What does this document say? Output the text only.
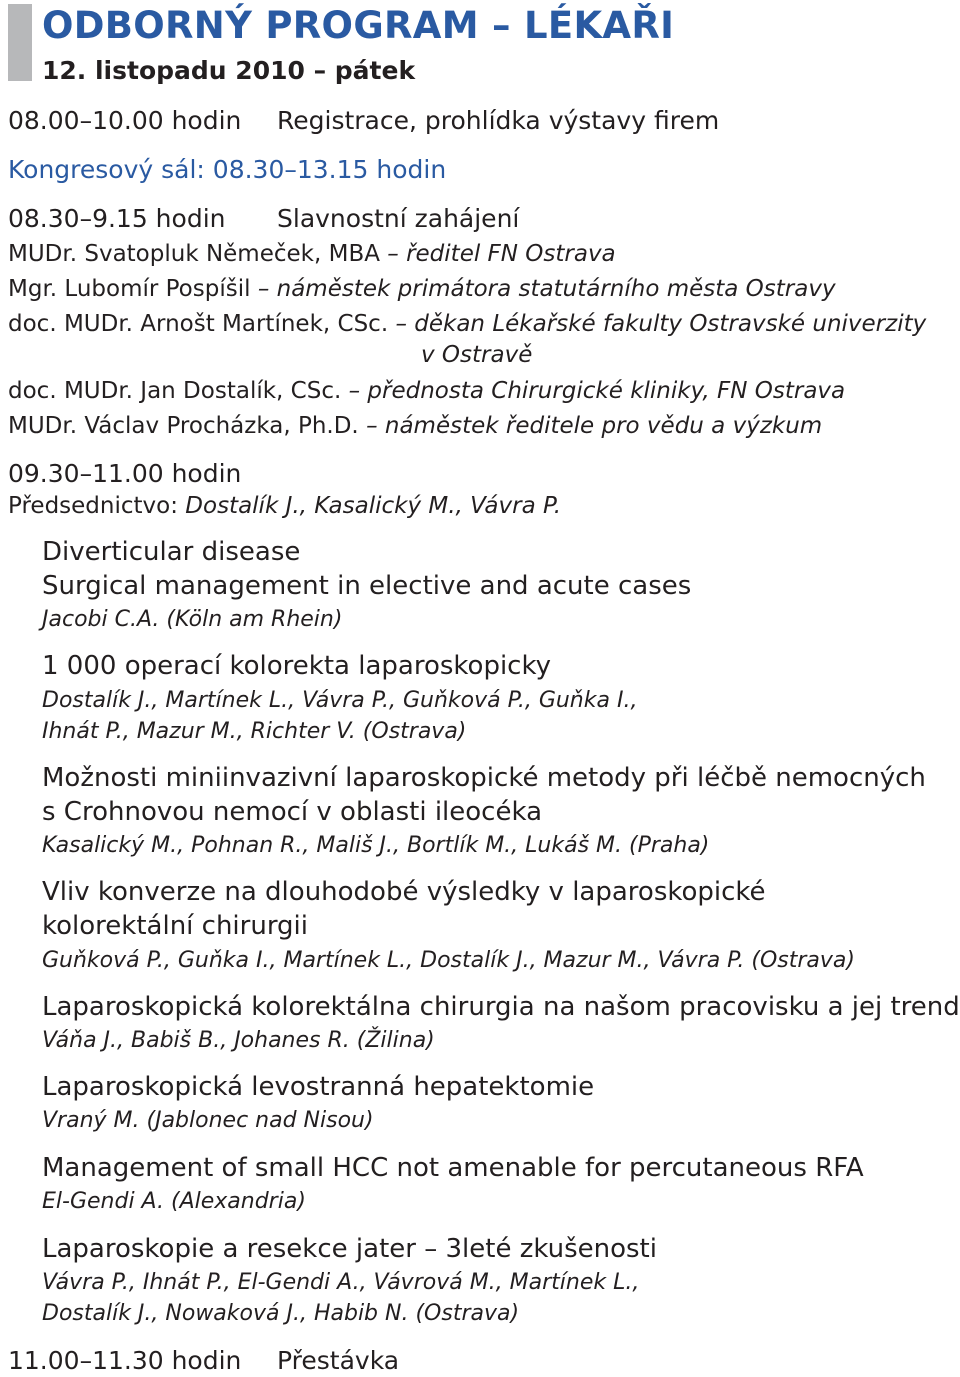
ODBORNÝ PROGRAM – LÉKAŘI
12. listopadu 2010 – pátek
08.00–10.00 hodin Registrace, prohlídka výstavy firem
Kongresový sál: 08.30–13.15 hodin
08.30–9.15 hodin Slavnostní zahájení
MUDr. Svatopluk Němeček, MBA – ředitel FN Ostrava
Mgr. Lubomír Pospíšil – náměstek primátora statutárního města Ostravy
doc. MUDr. Arnošt Martínek, CSc. – děkan Lékařské fakulty Ostravské univerzity
v Ostravě
doc. MUDr. Jan Dostalík, CSc. – přednosta Chirurgické kliniky, FN Ostrava
MUDr. Václav Procházka, Ph.D. – náměstek ředitele pro vědu a výzkum
09.30–11.00 hodin
Předsednictvo: Dostalík J., Kasalický M., Vávra P.
Diverticular disease
Surgical management in elective and acute cases
Jacobi C.A. (Köln am Rhein)
1 000 operací kolorekta laparoskopicky
Dostalík J., Martínek L., Vávra P., Guňková P., Guňka I.,
Ihnát P., Mazur M., Richter V. (Ostrava)
Možnosti miniinvazivní laparoskopické metody při léčbě nemocných
s Crohnovou nemocí v oblasti ileocéka
Kasalický M., Pohnan R., Mališ J., Bortlík M., Lukáš M. (Praha)
Vliv konverze na dlouhodobé výsledky v laparoskopické
kolorektální chirurgii
Guňková P., Guňka I., Martínek L., Dostalík J., Mazur M., Vávra P. (Ostrava)
Laparoskopická kolorektálna chirurgia na našom pracovisku a jej trend
Váňa J., Babiš B., Johanes R. (Žilina)
Laparoskopická levostranná hepatektomie
Vraný M. (Jablonec nad Nisou)
Management of small HCC not amenable for percutaneous RFA
El-Gendi A. (Alexandria)
Laparoskopie a resekce jater – 3leté zkušenosti
Vávra P., Ihnát P., El-Gendi A., Vávrová M., Martínek L.,
Dostalík J., Nowaková J., Habib N. (Ostrava)
11.00–11.30 hodin Přestávka
